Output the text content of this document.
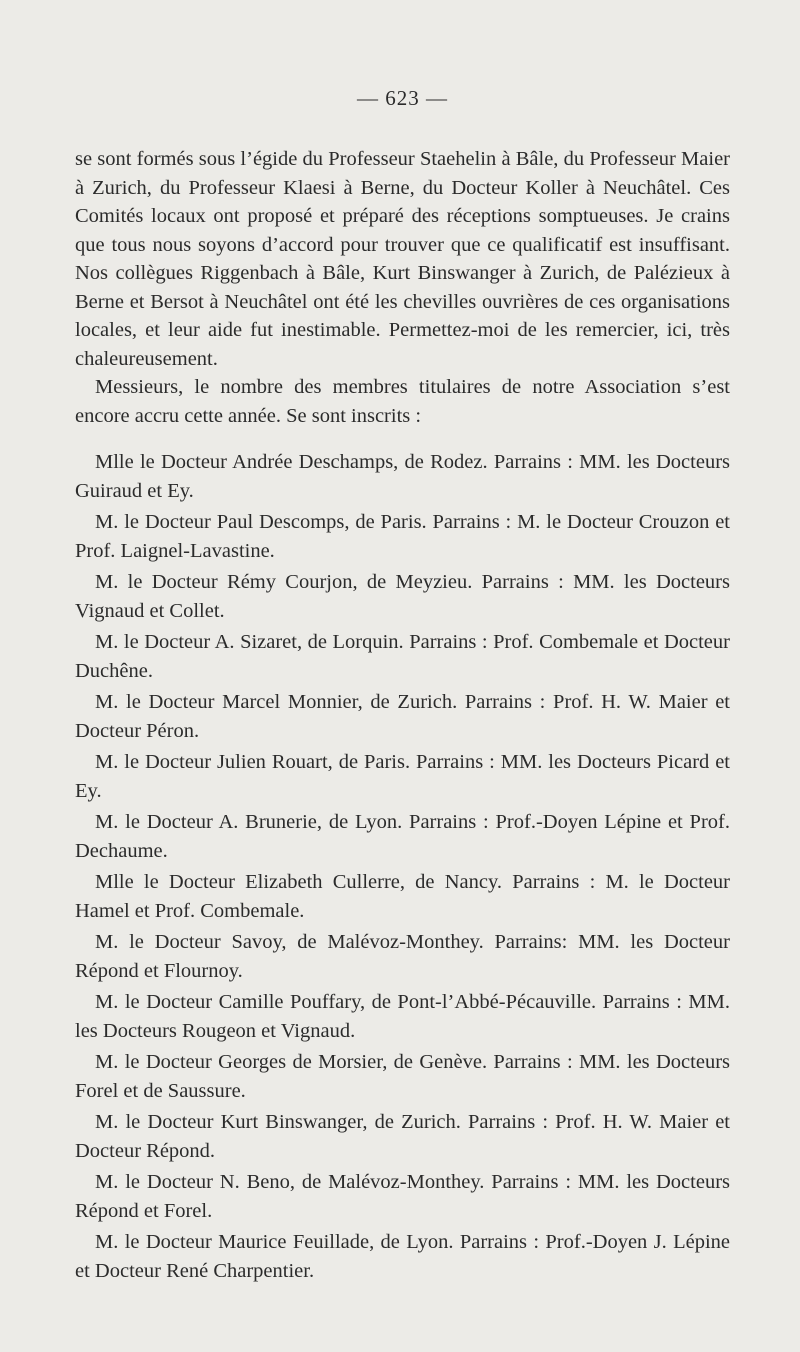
— 623 —

se sont formés sous l’égide du Professeur Staehelin à Bâle, du Professeur Maier à Zurich, du Professeur Klaesi à Berne, du Docteur Koller à Neuchâtel. Ces Comités locaux ont proposé et préparé des réceptions somptueuses. Je crains que tous nous soyons d’accord pour trouver que ce qualificatif est insuffisant. Nos collègues Riggenbach à Bâle, Kurt Binswanger à Zurich, de Palézieux à Berne et Bersot à Neuchâtel ont été les chevilles ouvrières de ces organisations locales, et leur aide fut inestimable. Permettez-moi de les remercier, ici, très chaleureusement.

Messieurs, le nombre des membres titulaires de notre Association s’est encore accru cette année. Se sont inscrits :

Mlle le Docteur Andrée Deschamps, de Rodez. Parrains : MM. les Docteurs Guiraud et Ey.

M. le Docteur Paul Descomps, de Paris. Parrains : M. le Docteur Crouzon et Prof. Laignel-Lavastine.

M. le Docteur Rémy Courjon, de Meyzieu. Parrains : MM. les Docteurs Vignaud et Collet.

M. le Docteur A. Sizaret, de Lorquin. Parrains : Prof. Combemale et Docteur Duchêne.

M. le Docteur Marcel Monnier, de Zurich. Parrains : Prof. H. W. Maier et Docteur Péron.

M. le Docteur Julien Rouart, de Paris. Parrains : MM. les Docteurs Picard et Ey.

M. le Docteur A. Brunerie, de Lyon. Parrains : Prof.-Doyen Lépine et Prof. Dechaume.

Mlle le Docteur Elizabeth Cullerre, de Nancy. Parrains : M. le Docteur Hamel et Prof. Combemale.

M. le Docteur Savoy, de Malévoz-Monthey. Parrains: MM. les Docteur Répond et Flournoy.

M. le Docteur Camille Pouffary, de Pont-l’Abbé-Pécauville. Parrains : MM. les Docteurs Rougeon et Vignaud.

M. le Docteur Georges de Morsier, de Genève. Parrains : MM. les Docteurs Forel et de Saussure.

M. le Docteur Kurt Binswanger, de Zurich. Parrains : Prof. H. W. Maier et Docteur Répond.

M. le Docteur N. Beno, de Malévoz-Monthey. Parrains : MM. les Docteurs Répond et Forel.

M. le Docteur Maurice Feuillade, de Lyon. Parrains : Prof.-Doyen J. Lépine et Docteur René Charpentier.
